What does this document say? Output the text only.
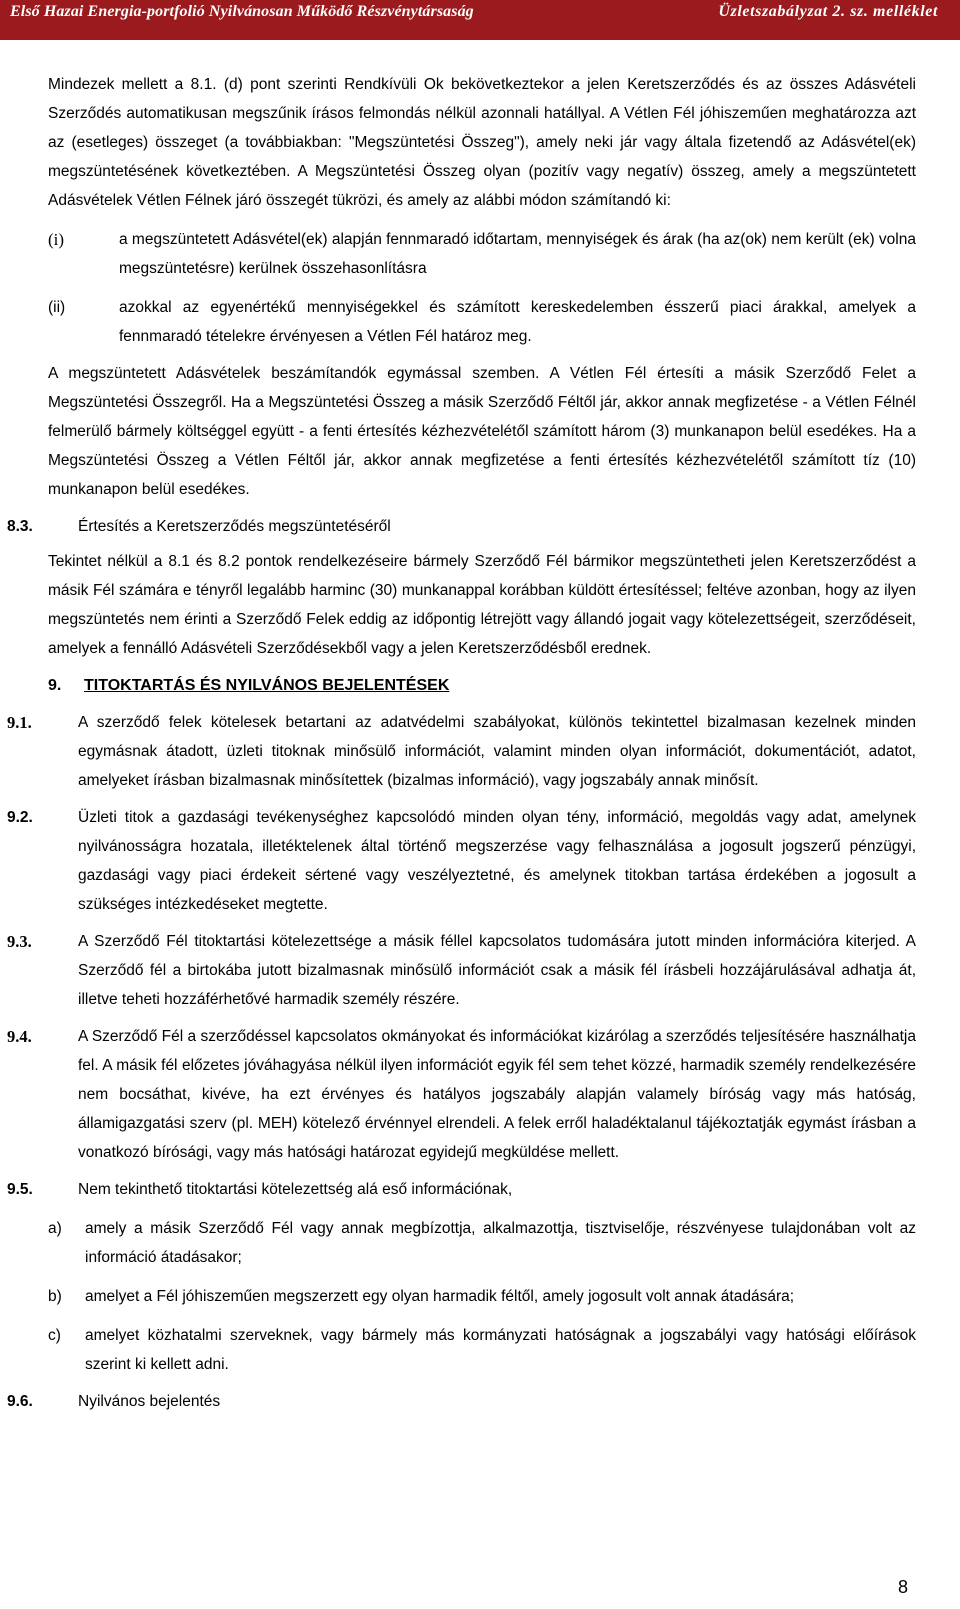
Első Hazai Energia-portfolió Nyilvánosan Működő Részvénytársaság	Üzletszabályzat 2. sz. melléklet

Mindezek mellett a 8.1. (d) pont szerinti Rendkívüli Ok bekövetkeztekor a jelen Keretszerződés és az összes Adásvételi Szerződés automatikusan megszűnik írásos felmondás nélkül azonnali hatállyal. A Vétlen Fél jóhiszeműen meghatározza azt az (esetleges) összeget (a továbbiakban: "Megszüntetési Összeg"), amely neki jár vagy általa fizetendő az Adásvétel(ek) megszüntetésének következtében. A Megszüntetési Összeg olyan (pozitív vagy negatív) összeg, amely a megszüntetett Adásvételek Vétlen Félnek járó összegét tükrözi, és amely az alábbi módon számítandó ki:

(i)	a megszüntetett Adásvétel(ek) alapján fennmaradó időtartam, mennyiségek és árak (ha az(ok) nem került (ek) volna megszüntetésre) kerülnek összehasonlításra

(ii)	azokkal az egyenértékű mennyiségekkel és számított kereskedelemben ésszerű piaci árakkal, amelyek a fennmaradó tételekre érvényesen a Vétlen Fél határoz meg.

A megszüntetett Adásvételek beszámítandók egymással szemben. A Vétlen Fél értesíti a másik Szerződő Felet a Megszüntetési Összegről. Ha a Megszüntetési Összeg a másik Szerződő Féltől jár, akkor annak megfizetése - a Vétlen Félnél felmerülő bármely költséggel együtt - a fenti értesítés kézhezvételétől számított három (3) munkanapon belül esedékes. Ha a Megszüntetési Összeg a Vétlen Féltől jár, akkor annak megfizetése a fenti értesítés kézhezvételétől számított tíz (10) munkanapon belül esedékes.

8.3.	Értesítés a Keretszerződés megszüntetéséről

Tekintet nélkül a 8.1 és 8.2 pontok rendelkezéseire bármely Szerződő Fél bármikor megszüntetheti jelen Keretszerződést a másik Fél számára e tényről legalább harminc (30) munkanappal korábban küldött értesítéssel; feltéve azonban, hogy az ilyen megszüntetés nem érinti a Szerződő Felek eddig az időpontig létrejött vagy állandó jogait vagy kötelezettségeit, szerződéseit, amelyek a fennálló Adásvételi Szerződésekből vagy a jelen Keretszerződésből erednek.

9. TITOKTARTÁS ÉS NYILVÁNOS BEJELENTÉSEK
9.1.	A szerződő felek kötelesek betartani az adatvédelmi szabályokat, különös tekintettel bizalmasan kezelnek minden egymásnak átadott, üzleti titoknak minősülő információt, valamint minden olyan információt, dokumentációt, adatot, amelyeket írásban bizalmasnak minősítettek (bizalmas információ), vagy jogszabály annak minősít.

9.2.	Üzleti titok a gazdasági tevékenységhez kapcsolódó minden olyan tény, információ, megoldás vagy adat, amelynek nyilvánosságra hozatala, illetéktelenek által történő megszerzése vagy felhasználása a jogosult jogszerű pénzügyi, gazdasági vagy piaci érdekeit sértené vagy veszélyeztetné, és amelynek titokban tartása érdekében a jogosult a szükséges intézkedéseket megtette.

9.3.	A Szerződő Fél titoktartási kötelezettsége a másik féllel kapcsolatos tudomására jutott minden információra kiterjed. A Szerződő fél a birtokába jutott bizalmasnak minősülő információt csak a másik fél írásbeli hozzájárulásával adhatja át, illetve teheti hozzáférhetővé harmadik személy részére.

9.4.	A Szerződő Fél a szerződéssel kapcsolatos okmányokat és információkat kizárólag a szerződés teljesítésére használhatja fel. A másik fél előzetes jóváhagyása nélkül ilyen információt egyik fél sem tehet közzé, harmadik személy rendelkezésére nem bocsáthat, kivéve, ha ezt érvényes és hatályos jogszabály alapján valamely bíróság vagy más hatóság, államigazgatási szerv (pl. MEH) kötelező érvénnyel elrendeli. A felek erről haladéktalanul tájékoztatják egymást írásban a vonatkozó bírósági, vagy más hatósági határozat egyidejű megküldése mellett.

9.5.	Nem tekinthető titoktartási kötelezettség alá eső információnak,

a) amely a másik Szerződő Fél vagy annak megbízottja, alkalmazottja, tisztviselője, részvényese tulajdonában volt az információ átadásakor;

b) amelyet a Fél jóhiszeműen megszerzett egy olyan harmadik féltől, amely jogosult volt annak átadására;

c) amelyet közhatalmi szerveknek, vagy bármely más kormányzati hatóságnak a jogszabályi vagy hatósági előírások szerint ki kellett adni.

9.6.	Nyilvános bejelentés

8
